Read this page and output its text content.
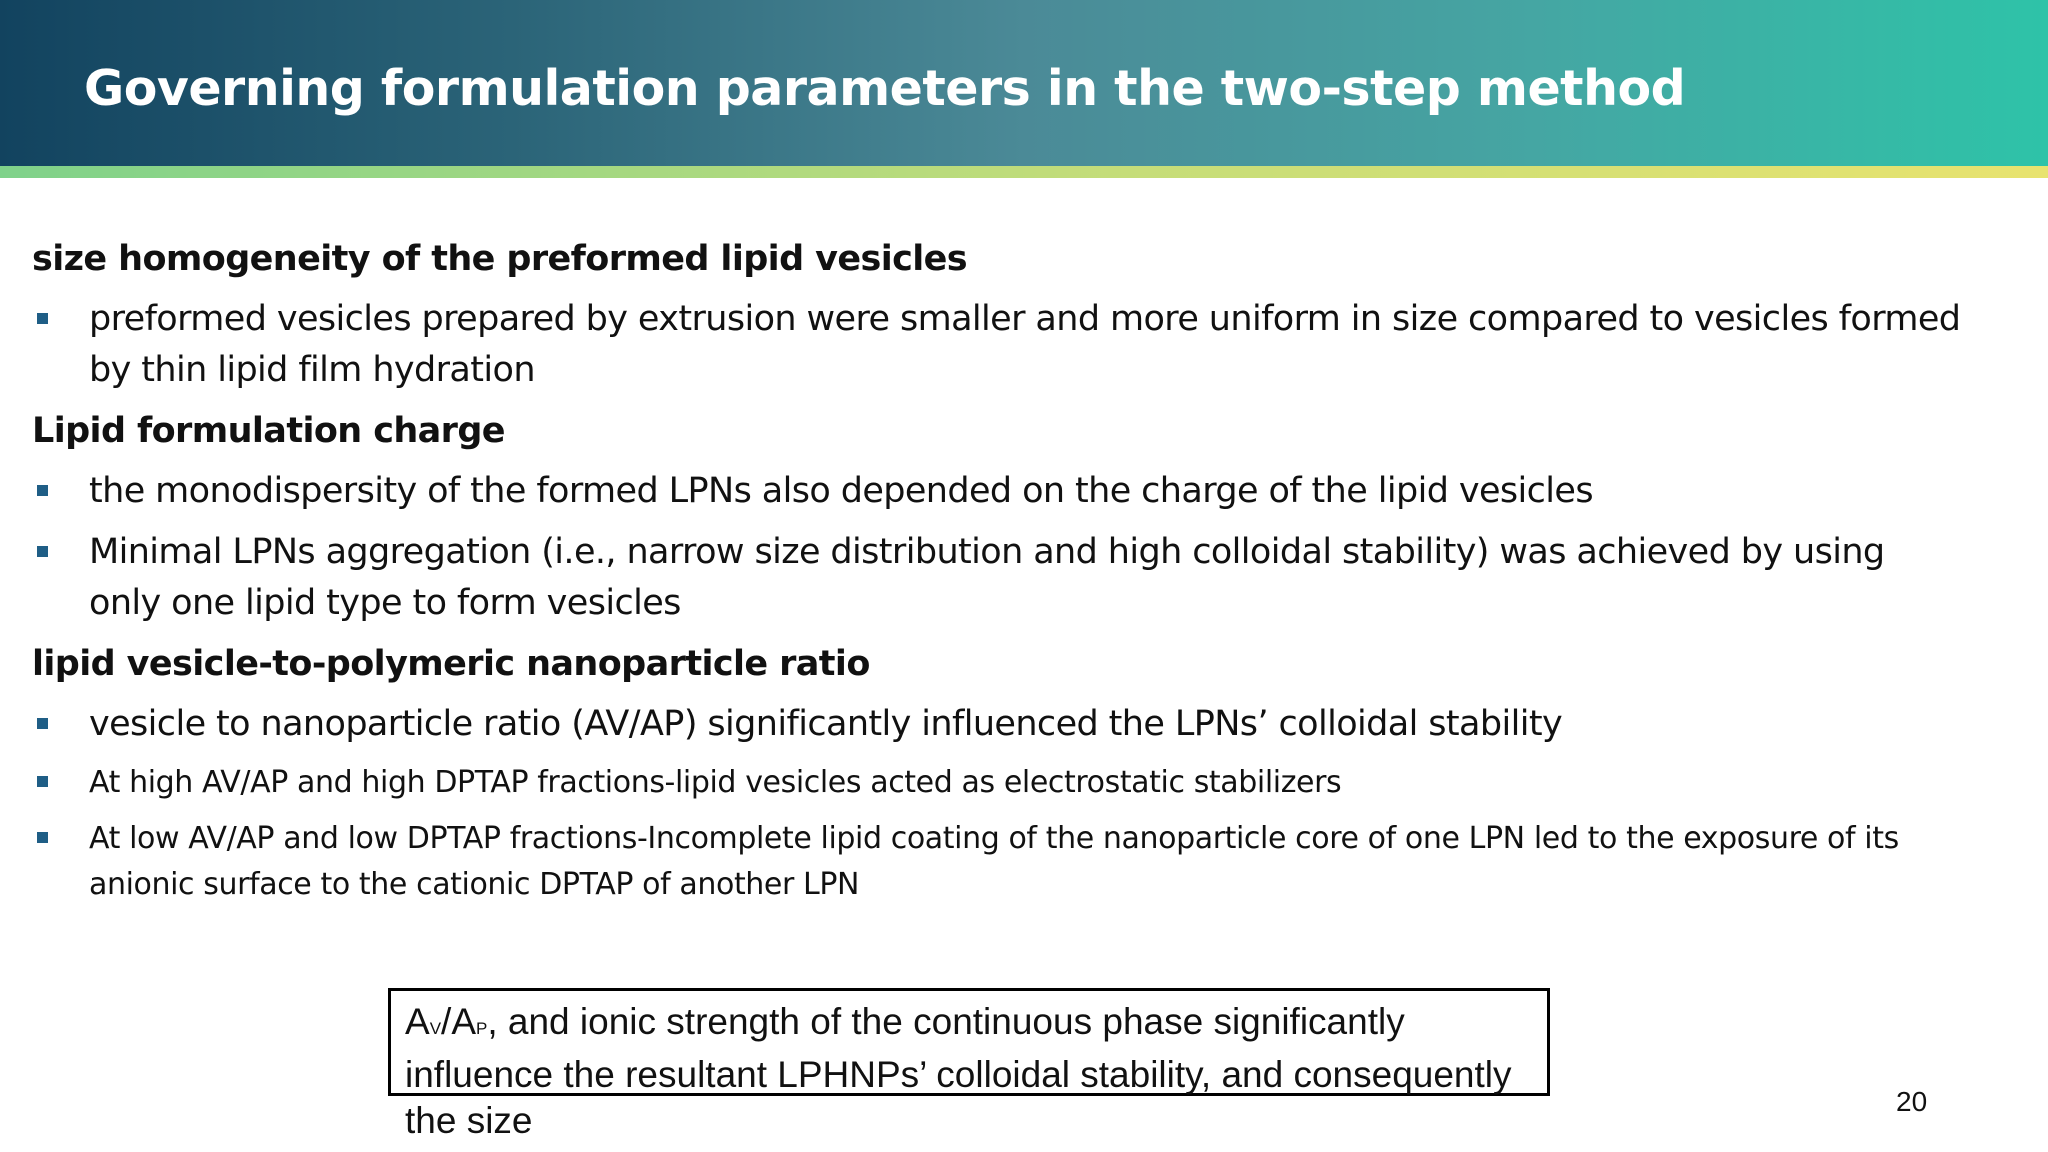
Governing formulation parameters in the two-step method
size homogeneity of the preformed lipid vesicles
preformed vesicles prepared by extrusion were smaller and more uniform in size compared to vesicles formed by thin lipid film hydration
Lipid formulation charge
the monodispersity of the formed LPNs also depended on the charge of the lipid vesicles
Minimal LPNs aggregation (i.e., narrow size distribution and high colloidal stability) was achieved by using only one lipid type to form vesicles
lipid vesicle-to-polymeric nanoparticle ratio
vesicle to nanoparticle ratio (AV/AP) significantly influenced the LPNs’ colloidal stability
At high AV/AP and high DPTAP fractions-lipid vesicles acted as electrostatic stabilizers
At low AV/AP and low DPTAP fractions-Incomplete lipid coating of the nanoparticle core of one LPN led to the exposure of its anionic surface to the cationic DPTAP of another LPN
AV/AP, and ionic strength of the continuous phase significantly influence the resultant LPHNPs’ colloidal stability, and consequently the size	20
